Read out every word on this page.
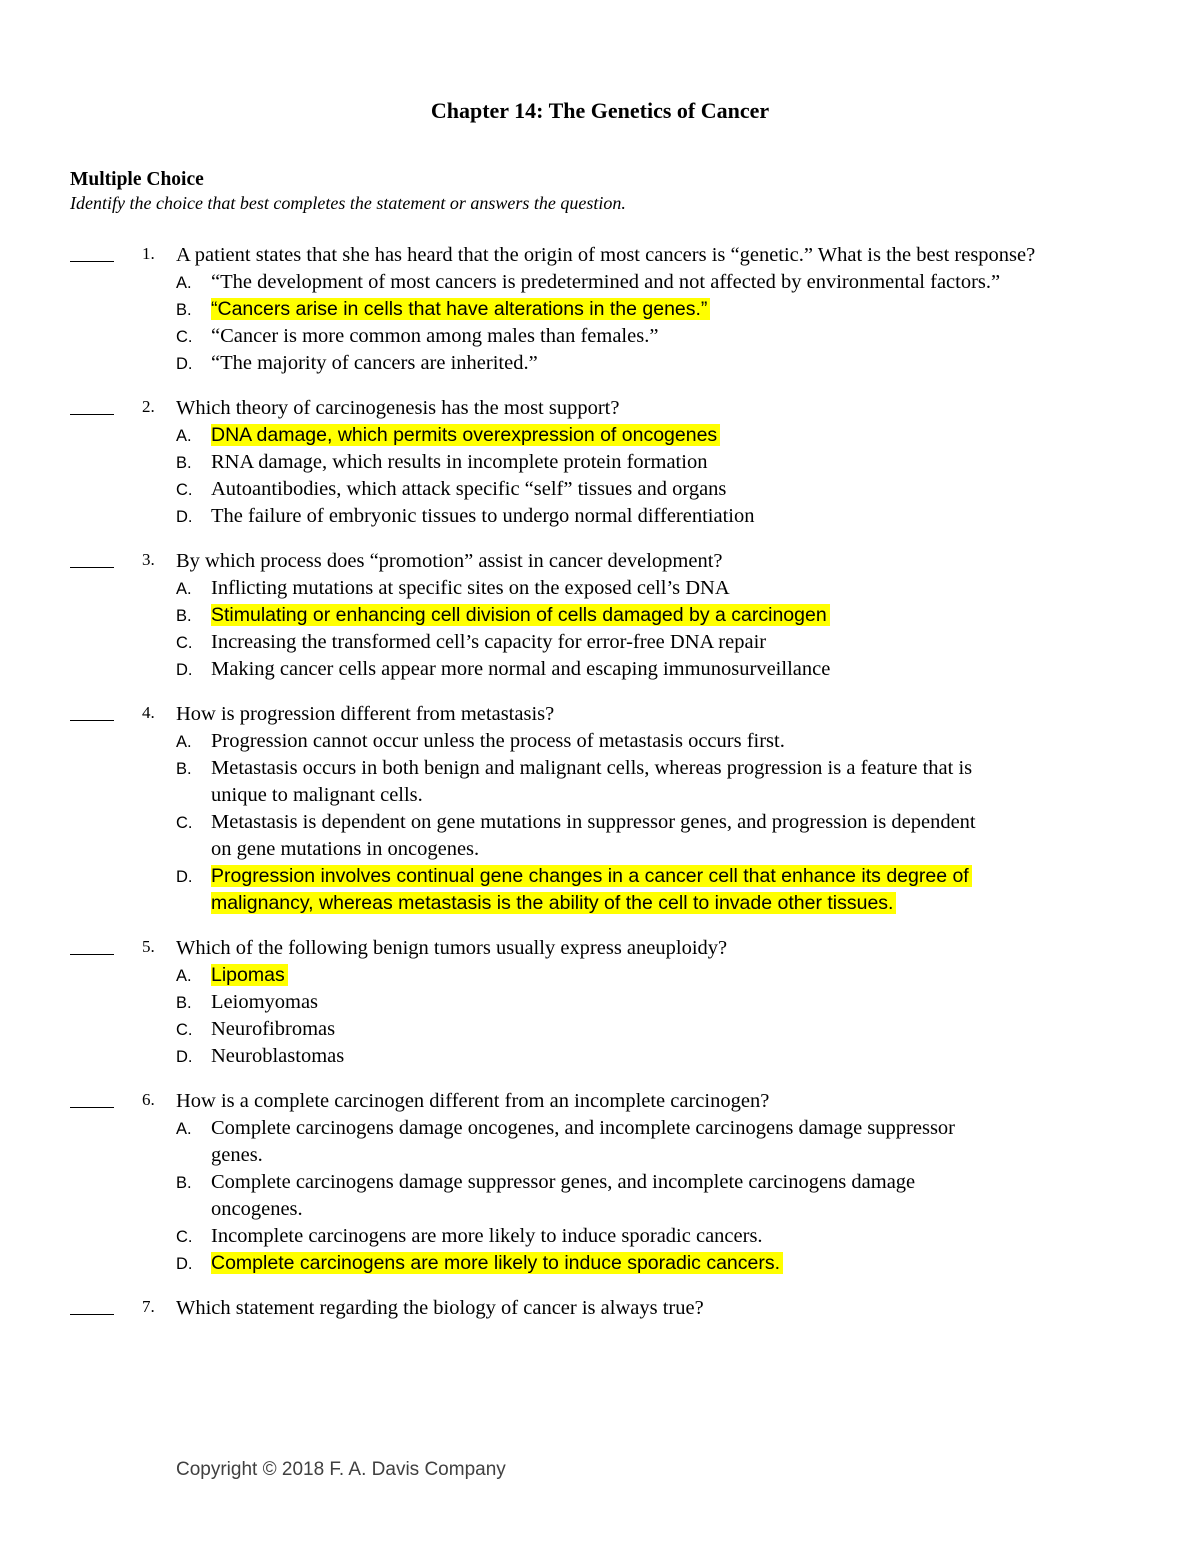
Chapter 14: The Genetics of Cancer
Multiple Choice

Identify the choice that best completes the statement or answers the question.

1. A patient states that she has heard that the origin of most cancers is “genetic.” What is the best response?
A. “The development of most cancers is predetermined and not affected by environmental factors.”
B. “Cancers arise in cells that have alterations in the genes.”
C. “Cancer is more common among males than females.”
D. “The majority of cancers are inherited.”
2. Which theory of carcinogenesis has the most support?
A. DNA damage, which permits overexpression of oncogenes
B. RNA damage, which results in incomplete protein formation
C. Autoantibodies, which attack specific “self” tissues and organs
D. The failure of embryonic tissues to undergo normal differentiation
3. By which process does “promotion” assist in cancer development?
A. Inflicting mutations at specific sites on the exposed cell’s DNA
B. Stimulating or enhancing cell division of cells damaged by a carcinogen
C. Increasing the transformed cell’s capacity for error-free DNA repair
D. Making cancer cells appear more normal and escaping immunosurveillance
4. How is progression different from metastasis?
A. Progression cannot occur unless the process of metastasis occurs first.
B. Metastasis occurs in both benign and malignant cells, whereas progression is a feature that is unique to malignant cells.
C. Metastasis is dependent on gene mutations in suppressor genes, and progression is dependent on gene mutations in oncogenes.
D. Progression involves continual gene changes in a cancer cell that enhance its degree of malignancy, whereas metastasis is the ability of the cell to invade other tissues.
5. Which of the following benign tumors usually express aneuploidy?
A. Lipomas
B. Leiomyomas
C. Neurofibromas
D. Neuroblastomas
6. How is a complete carcinogen different from an incomplete carcinogen?
A. Complete carcinogens damage oncogenes, and incomplete carcinogens damage suppressor genes.
B. Complete carcinogens damage suppressor genes, and incomplete carcinogens damage oncogenes.
C. Incomplete carcinogens are more likely to induce sporadic cancers.
D. Complete carcinogens are more likely to induce sporadic cancers.
7. Which statement regarding the biology of cancer is always true?

Copyright © 2018 F. A. Davis Company
